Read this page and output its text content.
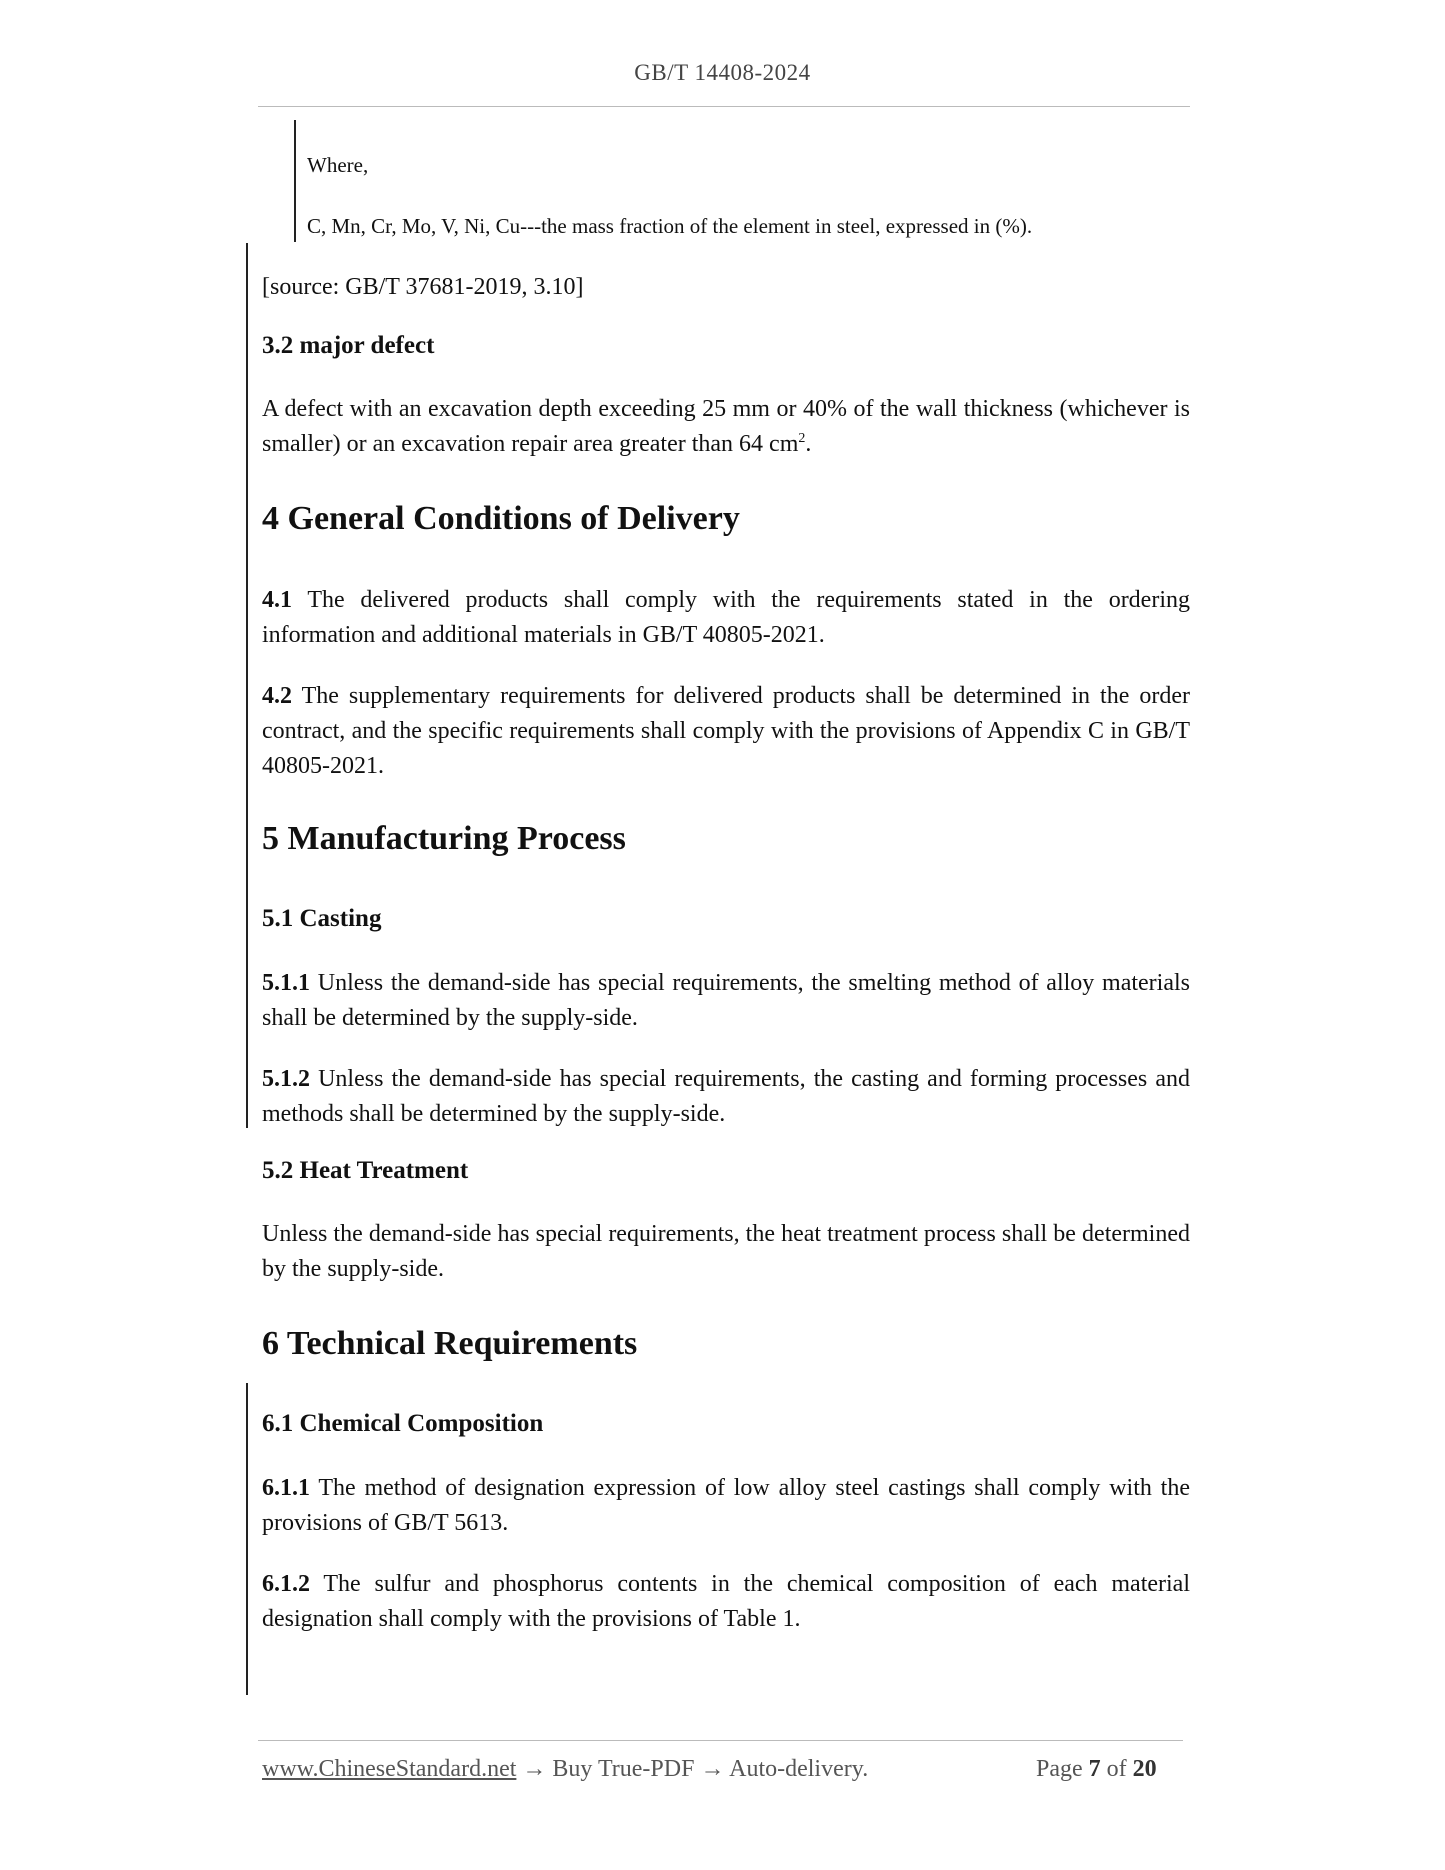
GB/T 14408-2024

Where,

C, Mn, Cr, Mo, V, Ni, Cu---the mass fraction of the element in steel, expressed in (%).

[source: GB/T 37681-2019, 3.10]

3.2 major defect

A defect with an excavation depth exceeding 25 mm or 40% of the wall thickness (whichever is smaller) or an excavation repair area greater than 64 $cm^2$.

4 General Conditions of Delivery

4.1 The delivered products shall comply with the requirements stated in the ordering information and additional materials in GB/T 40805-2021.

4.2 The supplementary requirements for delivered products shall be determined in the order contract, and the specific requirements shall comply with the provisions of Appendix C in GB/T 40805-2021.

5 Manufacturing Process

5.1 Casting

5.1.1 Unless the demand-side has special requirements, the smelting method of alloy materials shall be determined by the supply-side.

5.1.2 Unless the demand-side has special requirements, the casting and forming processes and methods shall be determined by the supply-side.

5.2 Heat Treatment

Unless the demand-side has special requirements, the heat treatment process shall be determined by the supply-side.

6 Technical Requirements

6.1 Chemical Composition

6.1.1 The method of designation expression of low alloy steel castings shall comply with the provisions of GB/T 5613.

6.1.2 The sulfur and phosphorus contents in the chemical composition of each material designation shall comply with the provisions of Table 1.

www.ChineseStandard.net → Buy True-PDF → Auto-delivery.	Page 7 of 20
